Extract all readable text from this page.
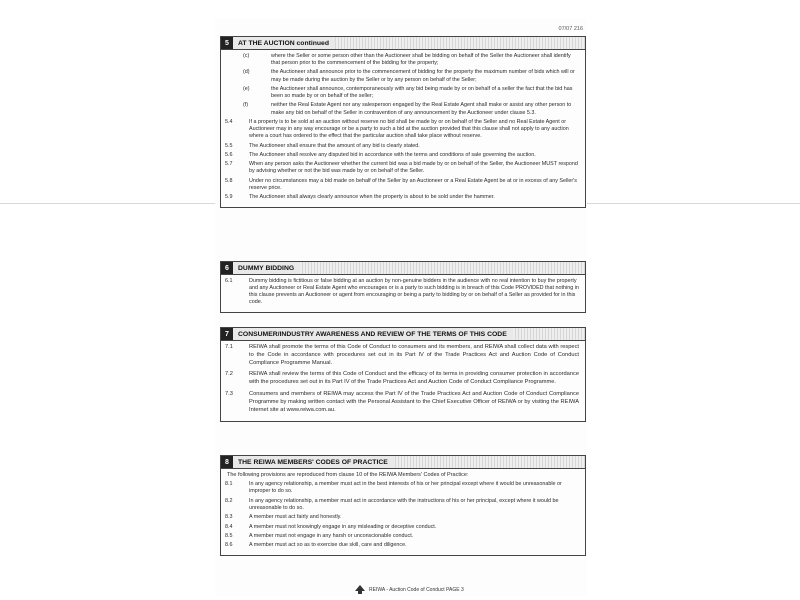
07/07 216
5	AT THE AUCTION continued
(c)	where the Seller or some person other than the Auctioneer shall be bidding on behalf of the Seller the Auctioneer shall identify that person prior to the commencement of the bidding for the property;
(d)	the Auctioneer shall announce prior to the commencement of bidding for the property the maximum number of bids which will or may be made during the auction by the Seller or by any person on behalf of the Seller;
(e)	the Auctioneer shall announce, contemporaneously with any bid being made by or on behalf of a seller the fact that the bid has been so made by or on behalf of the seller;
(f)	neither the Real Estate Agent nor any salesperson engaged by the Real Estate Agent shall make or assist any other person to make any bid on behalf of the Seller in contravention of any announcement by the Auctioneer under clause 5.3.
5.4	If a property is to be sold at an auction without reserve no bid shall be made by or on behalf of the Seller and no Real Estate Agent or Auctioneer may in any way encourage or be a party to such a bid at the auction provided that this clause shall not apply to any auction where a court has ordered to the effect that the particular auction shall take place without reserve.
5.5	The Auctioneer shall ensure that the amount of any bid is clearly stated.
5.6	The Auctioneer shall resolve any disputed bid in accordance with the terms and conditions of sale governing the auction.
5.7	When any person asks the Auctioneer whether the current bid was a bid made by or on behalf of the Seller, the Auctioneer MUST respond by advising whether or not the bid was made by or on behalf of the Seller.
5.8	Under no circumstances may a bid made on behalf of the Seller by an Auctioneer or a Real Estate Agent be at or in excess of any Seller's reserve price.
5.9	The Auctioneer shall always clearly announce when the property is about to be sold under the hammer.
6	DUMMY BIDDING
6.1	Dummy bidding is fictitious or false bidding at an auction by non-genuine bidders in the audience with no real intention to buy the property and any Auctioneer or Real Estate Agent who encourages or is a party to such bidding is in breach of this Code PROVIDED that nothing in this clause prevents an Auctioneer or agent from encouraging or being a party to bidding by or on behalf of a Seller as provided for in this code.
7	CONSUMER/INDUSTRY AWARENESS AND REVIEW OF THE TERMS OF THIS CODE
7.1	REIWA shall promote the terms of this Code of Conduct to consumers and its members, and REIWA shall collect data with respect to the Code in accordance with procedures set out in its Part IV of the Trade Practices Act and Auction Code of Conduct Compliance Programme Manual.
7.2	REIWA shall review the terms of this Code of Conduct and the efficacy of its terms in providing consumer protection in accordance with the procedures set out in its Part IV of the Trade Practices Act and Auction Code of Conduct Compliance Programme.
7.3	Consumers and members of REIWA may access the Part IV of the Trade Practices Act and Auction Code of Conduct Compliance Programme by making written contact with the Personal Assistant to the Chief Executive Officer of REIWA or by visiting the REIWA Internet site at www.reiwa.com.au.
8	THE REIWA MEMBERS' CODES OF PRACTICE
The following provisions are reproduced from clause 10 of the REIWA Members' Codes of Practice:
8.1	In any agency relationship, a member must act in the best interests of his or her principal except where it would be unreasonable or improper to do so.
8.2	In any agency relationship, a member must act in accordance with the instructions of his or her principal, except where it would be unreasonable to do so.
8.3	A member must act fairly and honestly.
8.4	A member must not knowingly engage in any misleading or deceptive conduct.
8.5	A member must not engage in any harsh or unconscionable conduct.
8.6	A member must act so as to exercise due skill, care and diligence.
REIWA - Auction Code of Conduct PAGE 3
